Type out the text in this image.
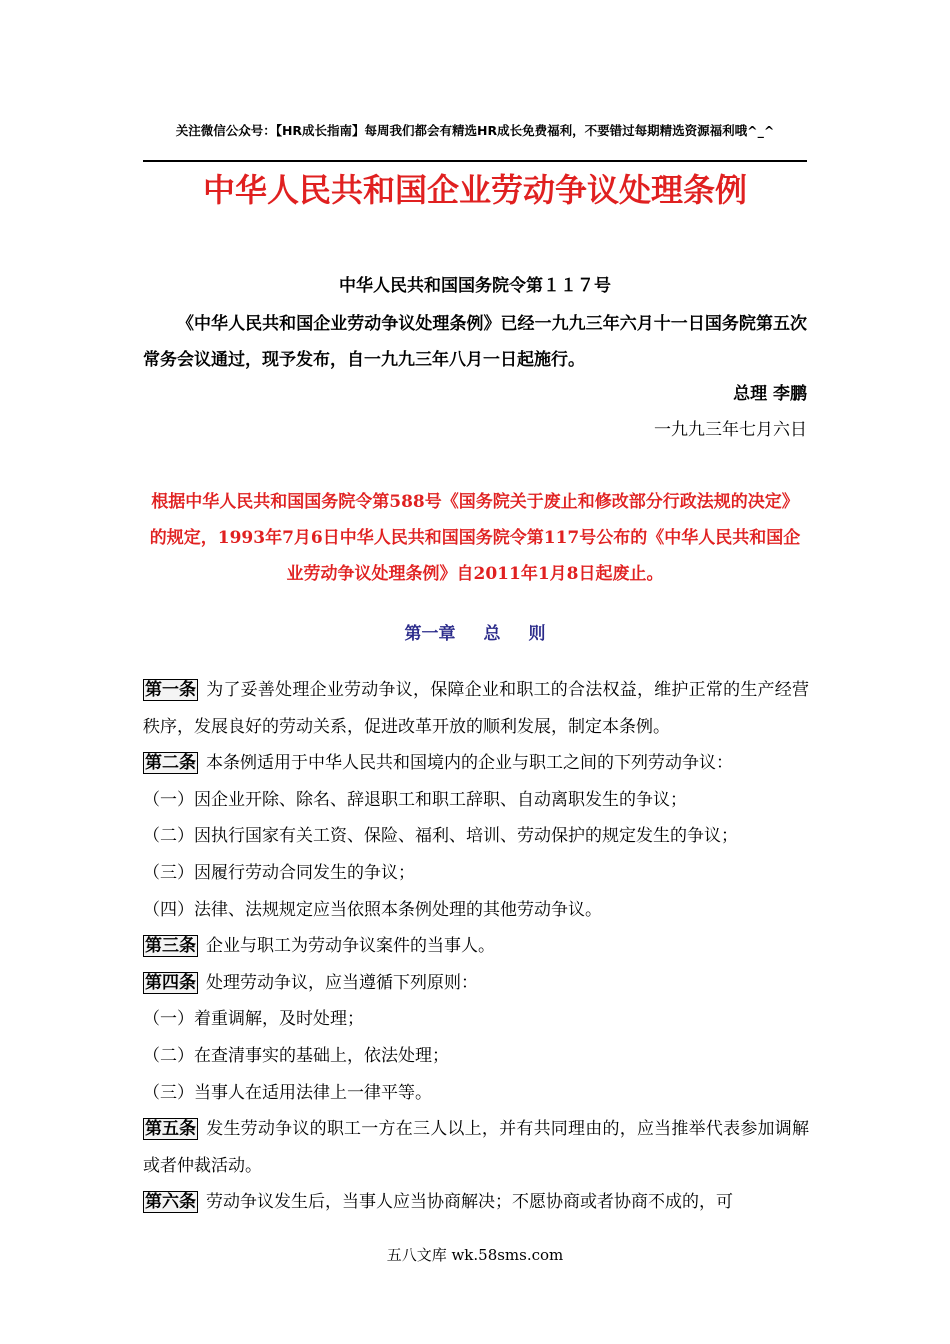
关注微信公众号：【HR成长指南】每周我们都会有精选HR成长免费福利，不要错过每期精选资源福利哦^_^
中华人民共和国企业劳动争议处理条例
中华人民共和国国务院令第１１７号
《中华人民共和国企业劳动争议处理条例》已经一九九三年六月十一日国务院第五次常务会议通过，现予发布，自一九九三年八月一日起施行。
总理 李鹏
一九九三年七月六日
根据中华人民共和国国务院令第588号《国务院关于废止和修改部分行政法规的决定》的规定，1993年7月6日中华人民共和国国务院令第117号公布的《中华人民共和国企业劳动争议处理条例》自2011年1月8日起废止。
第一章 总 则

第一条 为了妥善处理企业劳动争议，保障企业和职工的合法权益，维护正常的生产经营秩序，发展良好的劳动关系，促进改革开放的顺利发展，制定本条例。

第二条 本条例适用于中华人民共和国境内的企业与职工之间的下列劳动争议：

（一）因企业开除、除名、辞退职工和职工辞职、自动离职发生的争议；

（二）因执行国家有关工资、保险、福利、培训、劳动保护的规定发生的争议；

（三）因履行劳动合同发生的争议；

（四）法律、法规规定应当依照本条例处理的其他劳动争议。

第三条 企业与职工为劳动争议案件的当事人。

第四条 处理劳动争议，应当遵循下列原则：

（一）着重调解，及时处理；

（二）在查清事实的基础上，依法处理；

（三）当事人在适用法律上一律平等。

第五条 发生劳动争议的职工一方在三人以上，并有共同理由的，应当推举代表参加调解或者仲裁活动。

第六条 劳动争议发生后，当事人应当协商解决；不愿协商或者协商不成的，可

五八文库 wk.58sms.com
